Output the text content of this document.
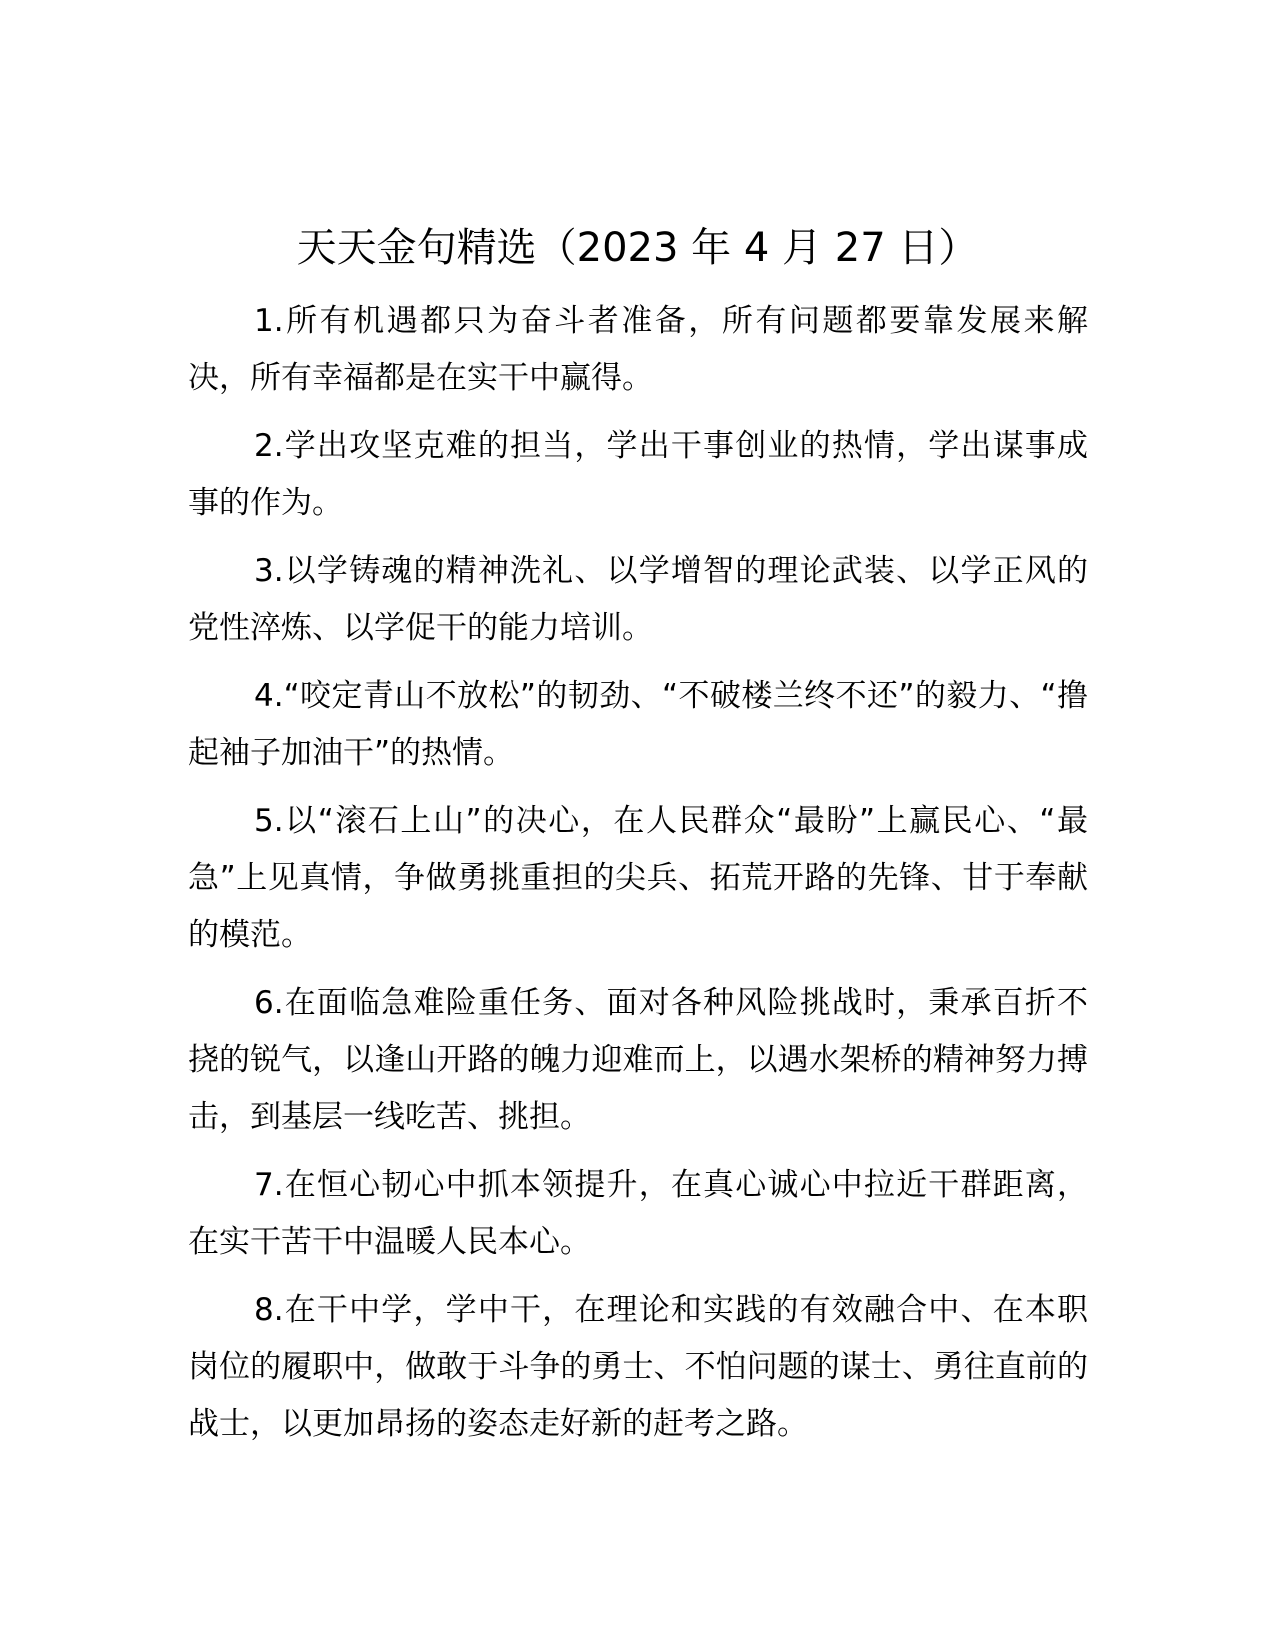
天天金句精选（2023 年 4 月 27 日）

1.所有机遇都只为奋斗者准备，所有问题都要靠发展来解决，所有幸福都是在实干中赢得。

2.学出攻坚克难的担当，学出干事创业的热情，学出谋事成事的作为。

3.以学铸魂的精神洗礼、以学增智的理论武装、以学正风的党性淬炼、以学促干的能力培训。

4.“咬定青山不放松”的韧劲、“不破楼兰终不还”的毅力、“撸起袖子加油干”的热情。

5.以“滚石上山”的决心，在人民群众“最盼”上赢民心、“最急”上见真情，争做勇挑重担的尖兵、拓荒开路的先锋、甘于奉献的模范。

6.在面临急难险重任务、面对各种风险挑战时，秉承百折不挠的锐气，以逢山开路的魄力迎难而上，以遇水架桥的精神努力搏击，到基层一线吃苦、挑担。

7.在恒心韧心中抓本领提升，在真心诚心中拉近干群距离，在实干苦干中温暖人民本心。

8.在干中学，学中干，在理论和实践的有效融合中、在本职岗位的履职中，做敢于斗争的勇士、不怕问题的谋士、勇往直前的战士，以更加昂扬的姿态走好新的赶考之路。
